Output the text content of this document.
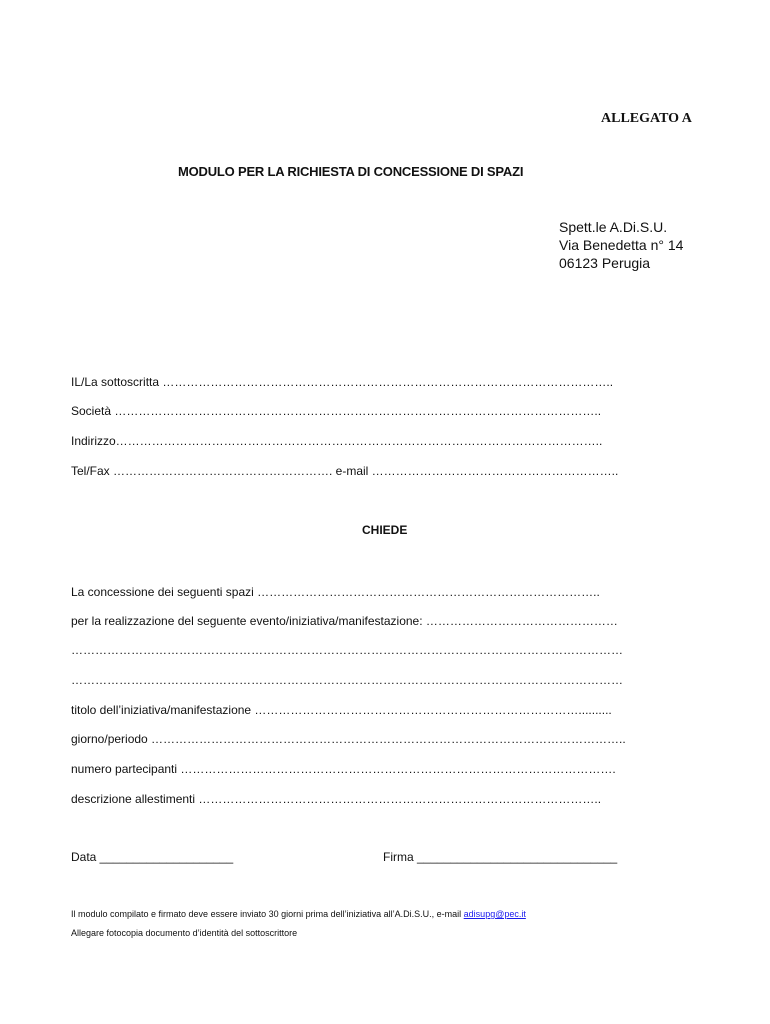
ALLEGATO A
MODULO PER LA RICHIESTA DI CONCESSIONE DI SPAZI
Spett.le A.Di.S.U.
Via Benedetta n° 14
06123 Perugia
IL/La sottoscritta …………………………………………………………………………………………………..
Società …………………………………………………………………………………………………………..
Indirizzo…………………………………………………………………………………………………………..
Tel/Fax ………………………………………………. e-mail ……………………………………………………..
CHIEDE
La concessione dei seguenti spazi …………………………………………………………………………..
per la realizzazione del seguente evento/iniziativa/manifestazione: …………………………………………
…………………………………………………………………………………………………………………………
…………………………………………………………………………………………………………………………
titolo dell’iniziativa/manifestazione ………………………………………………………………………..........
giorno/periodo ………………………………………………………………………………………………………..
numero partecipanti ……………………………………………………………………………………………….
descrizione allestimenti ………………………………………………………………………………………..
Data ____________________	Firma ______________________________
Il modulo compilato e firmato deve essere inviato 30 giorni prima dell’iniziativa all’A.Di.S.U., e-mail adisupg@pec.it
Allegare fotocopia documento d’identità del sottoscrittore
